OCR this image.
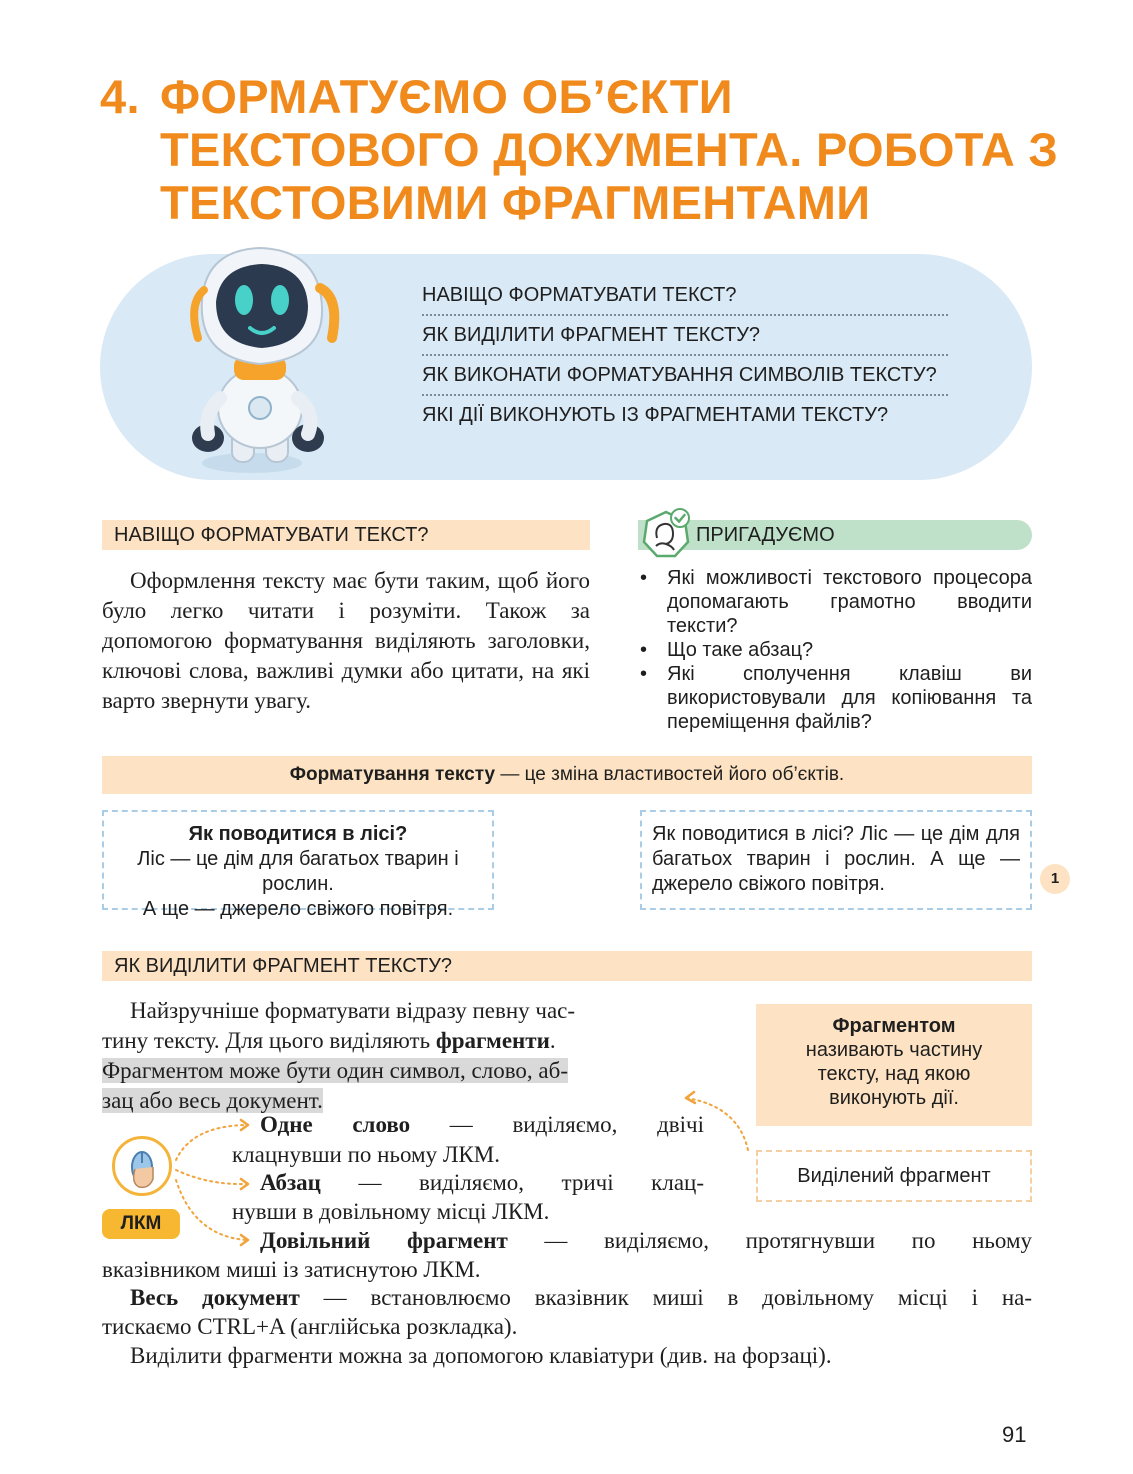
4. ФОРМАТУЄМО ОБ’ЄКТИ ТЕКСТОВОГО ДОКУМЕНТА. РОБОТА З ТЕКСТОВИМИ ФРАГМЕНТАМИ
НАВІЩО ФОРМАТУВАТИ ТЕКСТ?
ЯК ВИДІЛИТИ ФРАГМЕНТ ТЕКСТУ?
ЯК ВИКОНАТИ ФОРМАТУВАННЯ СИМВОЛІВ ТЕКСТУ?
ЯКІ ДІЇ ВИКОНУЮТЬ ІЗ ФРАГМЕНТАМИ ТЕКСТУ?
НАВІЩО ФОРМАТУВАТИ ТЕКСТ?

Оформлення тексту має бути таким, щоб його було легко читати і розуміти. Також за допомогою форматування виділяють заголовки, ключові слова, важливі думки або цитати, на які варто звернути увагу.

ПРИГАДУЄМО
• Які можливості текстового процесора допомагають грамотно вводити тексти?
• Що таке абзац?
• Які сполучення клавіш ви використовували для копіювання та переміщення файлів?
Форматування тексту — це зміна властивостей його об’єктів.
Як поводитися в лісі?
Ліс — це дім для багатьох тварин і рослин.
А ще — джерело свіжого повітря.
Як поводитися в лісі? Ліс — це дім для багатьох тварин і рослин. А ще — джерело свіжого повітря.	1
ЯК ВИДІЛИТИ ФРАГМЕНТ ТЕКСТУ?
Найзручніше форматувати відразу певну час-
тину тексту. Для цього виділяють фрагменти.
Фрагментом може бути один символ, слово, аб-
зац або весь документ.
Одне слово — виділяємо, двічі
клацнувши по ньому ЛКМ.
Абзац — виділяємо, тричі клац-
нувши в довільному місці ЛКМ.
Довільний фрагмент — виділяємо, протягнувши по ньому
вказівником миші із затиснутою ЛКМ.
Весь документ — встановлюємо вказівник миші в довільному місці і на-
тискаємо CTRL+A (англійська розкладка).
Виділити фрагменти можна за допомогою клавіатури (див. на форзаці).
Фрагментом
називають частину
тексту, над якою
виконують дії.
Виділений фрагмент
ЛКМ
91
